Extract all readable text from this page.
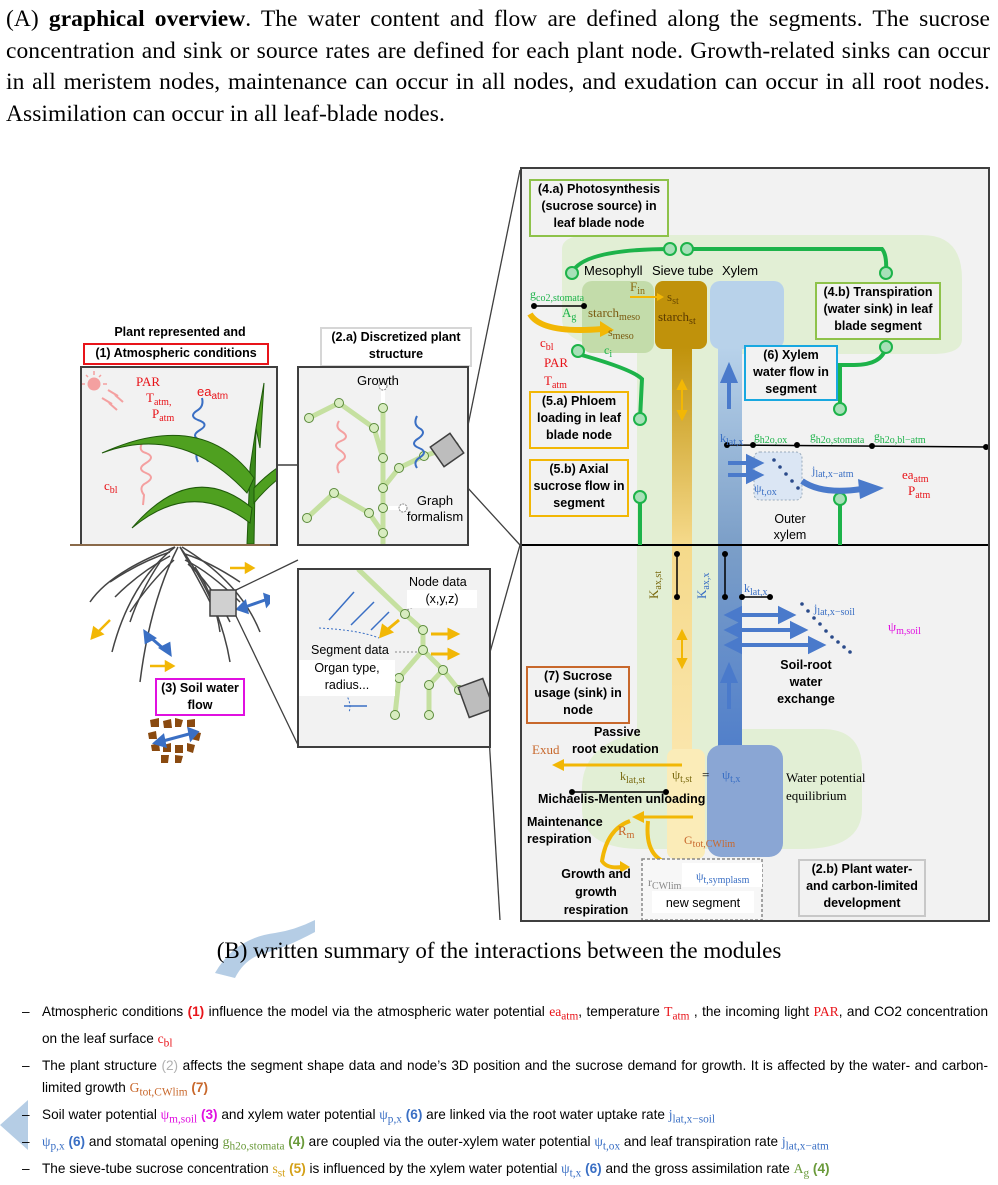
(A) graphical overview. The water content and flow are defined along the segments. The sucrose concentration and sink or source rates are defined for each plant node. Growth-related sinks can occur in all meristem nodes, maintenance can occur in all nodes, and exudation can occur in all root nodes. Assimilation can occur in all leaf-blade nodes.
Plant represented and
(1) Atmospheric conditions
PAR
$T_{atm,}$
$P_{atm}$
$ea_{atm}$
$c_{bl}$
(3) Soil water flow
(2.a) Discretized plant structure
Growth
Graph formalism
Node data
(x,y,z)
Segment data
Organ type, radius...
(4.a) Photosynthesis (sucrose source) in leaf blade node
(4.b) Transpiration (water sink) in leaf blade segment
(5.a) Phloem loading in leaf blade node
(5.b) Axial sucrose flow in segment
(6) Xylem water flow in segment
(7) Sucrose usage (sink) in node
(2.b) Plant water- and carbon-limited development
Mesophyll Sieve tube Xylem
$g_{co2,stomata}$
$A_g$
$F_{in}$ $s_{st}$
starch$_{meso}$ starch$_{st}$
$s_{meso}$
$c_i$
$c_{bl}$
PAR
$T_{atm}$
$k_{lat,x}$ $g_{h2o,ox}$ $g_{h2o,stomata}$ $g_{h2o,bl-atm}$
$j_{lat,x-atm}$
$\psi_{t,ox}$
$ea_{atm}$
$P_{atm}$
Outer xylem
$K_{ax,st}$
$K_{ax,x}$	$k_{lat,x}$
$j_{lat,x-soil}$
$\psi_{m,soil}$
Soil-root water exchange
Passive
Exud root exudation
$k_{lat,st}$ $\psi_{t,st} = \psi_{t,x}$	Water potential equilibrium
Michaelis-Menten unloading
Maintenance respiration
$R_m$	$G_{tot,CWlim}$
Growth and growth respiration
$r_{CWlim}$
$\psi_{t,symplasm}$
new segment
(B) written summary of the interactions between the modules
– Atmospheric conditions (1) influence the model via the atmospheric water potential $ea_{atm}$, temperature $T_{atm}$ , the incoming light PAR, and CO2 concentration on the leaf surface $c_{bl}$
– The plant structure (2) affects the segment shape data and node’s 3D position and the sucrose demand for growth. It is affected by the water- and carbon-limited growth $G_{tot,CWlim}$ (7)
– Soil water potential $\psi_{m,soil}$ (3) and xylem water potential $\psi_{p,x}$ (6) are linked via the root water uptake rate $j_{lat,x-soil}$
– $\psi_{p,x}$ (6) and stomatal opening $g_{h2o,stomata}$ (4) are coupled via the outer-xylem water potential $\psi_{t,ox}$ and leaf transpiration rate $j_{lat,x-atm}$
– The sieve-tube sucrose concentration $s_{st}$ (5) is influenced by the xylem water potential $\psi_{t,x}$ (6) and the gross assimilation rate $A_g$ (4)
